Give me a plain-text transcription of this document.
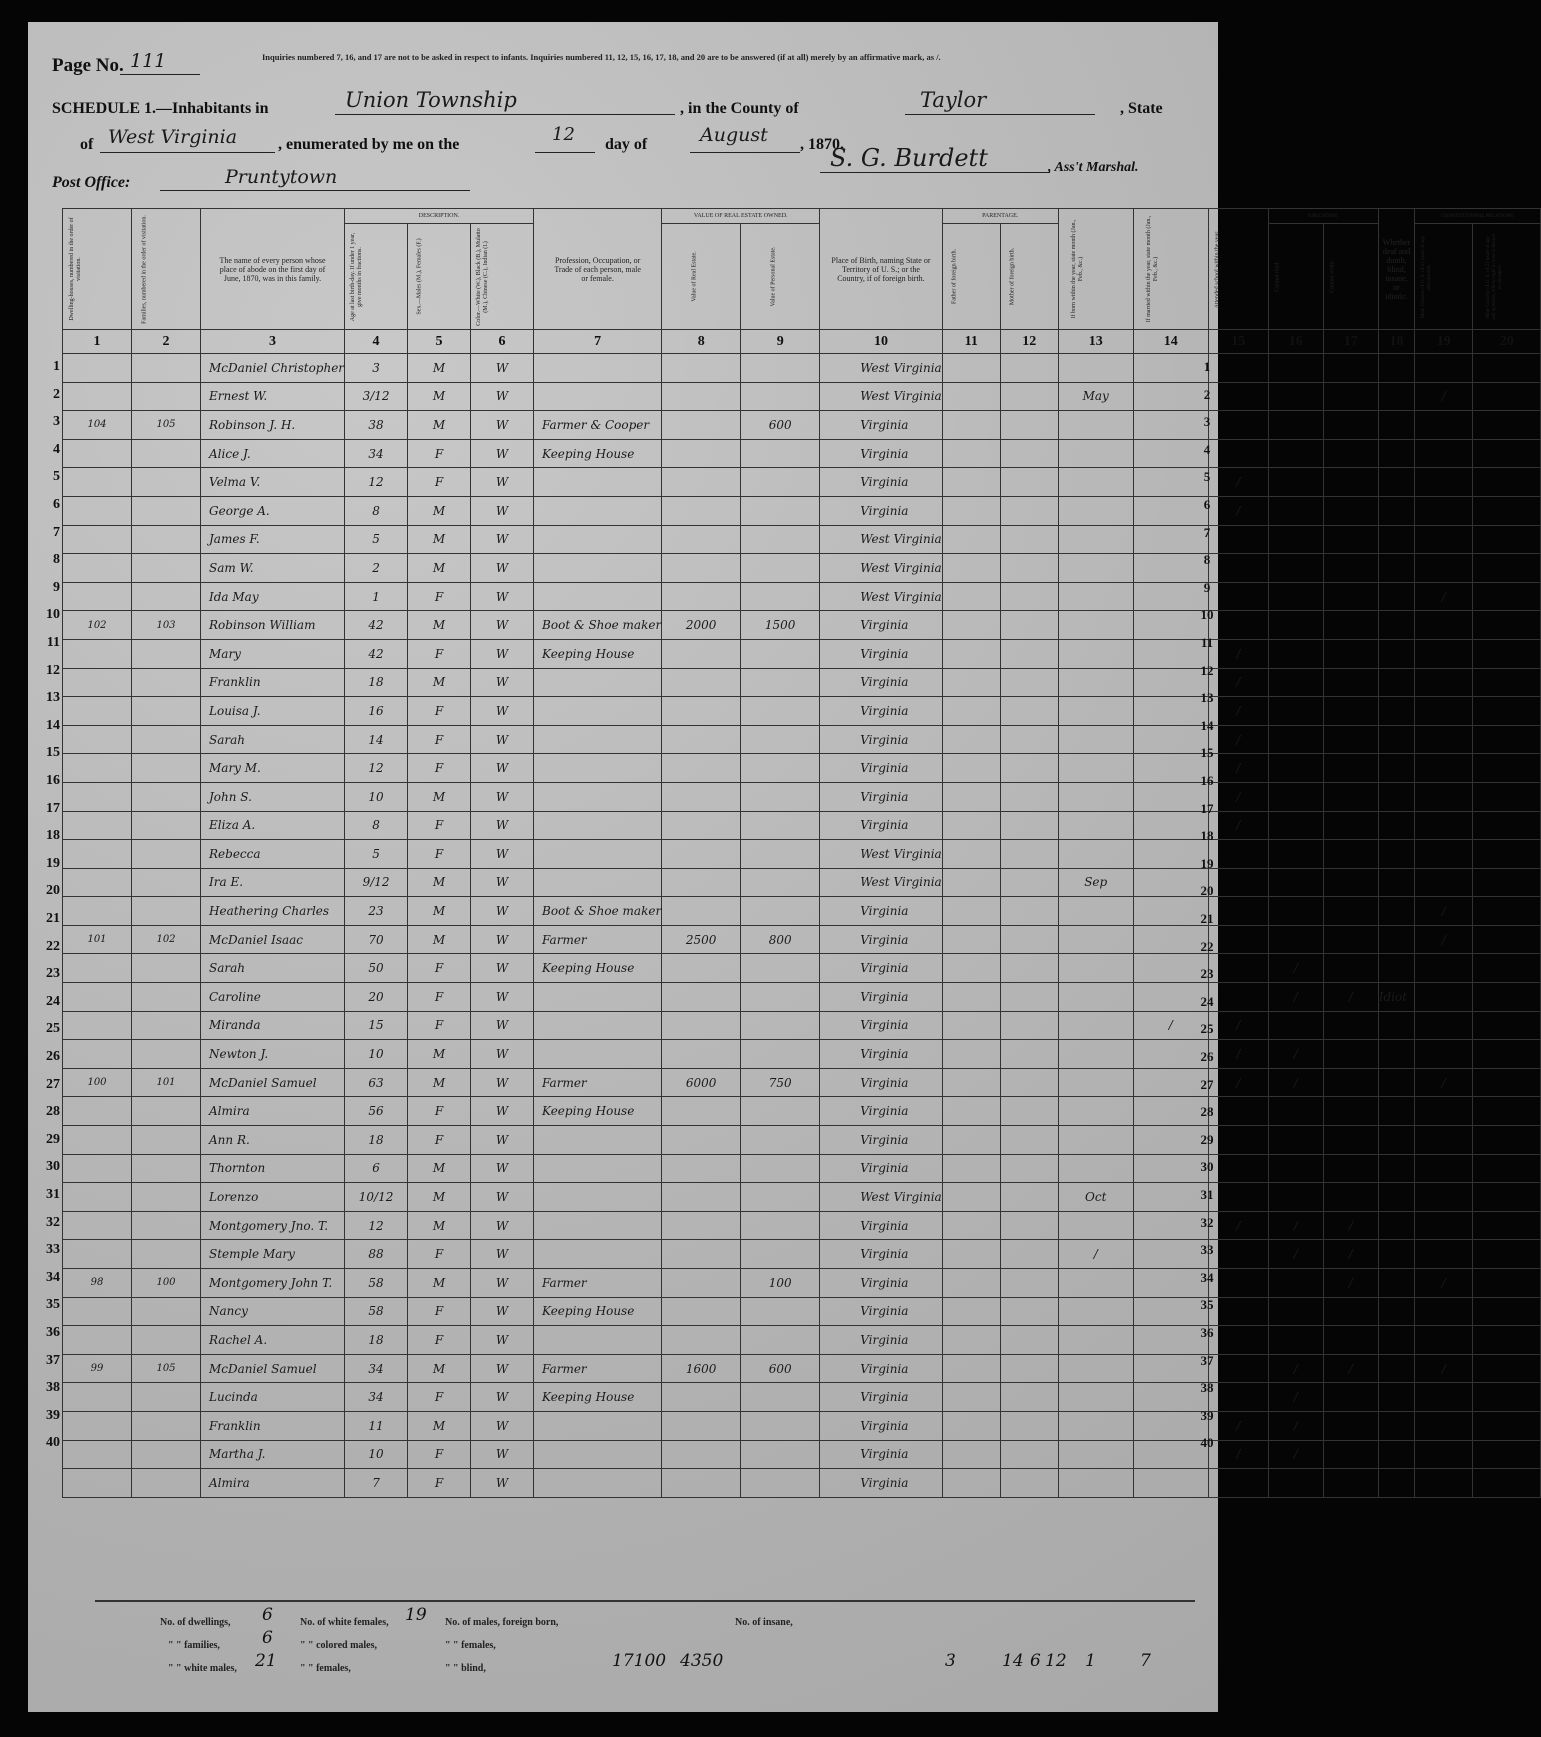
Page No. 111	Inquiries numbered 7, 16, and 17 are not to be asked in respect to infants. Inquiries numbered 11, 12, 15, 16, 17, 18, and 20 are to be answered (if at all) merely by an affirmative mark, as /.
SCHEDULE 1.—Inhabitants in	Union Township	, in the County of	Taylor	, State
of West Virginia	, enumerated by me on the	12 day of	August , 1870.
S. G. Burdett	, Ass't Marshal.
Post Office:	Pruntytown
Dwelling-houses, numbered in the order of visitation.	Families, numbered in the order of visitation.	The name of every person whose place of abode on the first day of June, 1870, was in this family.	DESCRIPTION.			Profession, Occupation, or Trade of each person, male or female.	VALUE OF REAL ESTATE OWNED.		Place of Birth, naming State or Territory of U. S.; or the Country, if of foreign birth.	PARENTAGE.		If born within the year, state month (Jan., Feb., &c.)	If married within the year, state month (Jan., Feb., &c.)	Attended school within the year.	EDUCATION.		Whether deaf and dumb, blind, insane, or idiotic.	CONSTITUTIONAL RELATIONS.	

			Age at last birth-day. If under 1 year, give months in fractions.	Sex.—Males (M.), Females (F.)	Color.—White (W.), Black (B.), Mulatto (M.), Chinese (C.), Indian (I.)		Value of Real Estate.	Value of Personal Estate.		Father of foreign birth.	Mother of foreign birth.				Cannot read.	Cannot write.		Male Citizens of U. S. of 21 years of age and upwards.	Male Citizens of U. S. of 21 years of age and upwards, whose right to vote is denied or abridged.

1	2	3	4	5	6	7	8	9	10	11	12	13	14	15	16	17	18	19	20
		McDaniel Christopher	3	M	W				West Virginia										
		Ernest W.	3/12	M	W				West Virginia			May						/	
104	105	Robinson J. H.	38	M	W	Farmer & Cooper		600	Virginia										
		Alice J.	34	F	W	Keeping House			Virginia										
		Velma V.	12	F	W				Virginia					/					
		George A.	8	M	W				Virginia					/					
		James F.	5	M	W				West Virginia										
		Sam W.	2	M	W				West Virginia										
		Ida May	1	F	W				West Virginia									/	
102	103	Robinson William	42	M	W	Boot & Shoe maker	2000	1500	Virginia										
		Mary	42	F	W	Keeping House			Virginia					/					
		Franklin	18	M	W				Virginia					/					
		Louisa J.	16	F	W				Virginia					/					
		Sarah	14	F	W				Virginia					/					
		Mary M.	12	F	W				Virginia					/					
		John S.	10	M	W				Virginia					/					
		Eliza A.	8	F	W				Virginia					/					
		Rebecca	5	F	W				West Virginia										
		Ira E.	9/12	M	W				West Virginia			Sep							
		Heathering Charles	23	M	W	Boot & Shoe maker			Virginia									/	
101	102	McDaniel Isaac	70	M	W	Farmer	2500	800	Virginia									/	
		Sarah	50	F	W	Keeping House			Virginia						/				
		Caroline	20	F	W				Virginia						/	/	Idiot		
		Miranda	15	F	W				Virginia				/	/					
		Newton J.	10	M	W				Virginia					/	/				
100	101	McDaniel Samuel	63	M	W	Farmer	6000	750	Virginia					/	/			/	
		Almira	56	F	W	Keeping House			Virginia										
		Ann R.	18	F	W				Virginia										
		Thornton	6	M	W				Virginia										
		Lorenzo	10/12	M	W				West Virginia			Oct							
		Montgomery Jno. T.	12	M	W				Virginia					/	/	/			
		Stemple Mary	88	F	W				Virginia			/			/	/			
98	100	Montgomery John T.	58	M	W	Farmer		100	Virginia							/		/	
		Nancy	58	F	W	Keeping House			Virginia										
		Rachel A.	18	F	W				Virginia										
99	105	McDaniel Samuel	34	M	W	Farmer	1600	600	Virginia						/	/		/	
		Lucinda	34	F	W	Keeping House			Virginia						/				
		Franklin	11	M	W				Virginia					/	/				
		Martha J.	10	F	W				Virginia					/	/				
		Almira	7	F	W				Virginia										
1	1
2	2
3	3
4	4
5	5
6	6
7	7
8	8
9	9
10	10
11	11
12	12
13	13
14	14
15	15
16	16
17	17
18	18
19	19
20	20
21	21
22	22
23	23
24	24
25	25
26	26
27	27
28	28
29	29
30	30
31	31
32	32
33	33
34	34
35	35
36	36
37	37
38	38
39	39
40	40
No. of dwellings, 6	No. of white females, 19 No. of males, foreign born,
" " families, 6	" " colored males,	" " females,
" " white males, 21 " " females,	" " blind,
No. of insane,
17100 4350	3	14 6 12 1	7
